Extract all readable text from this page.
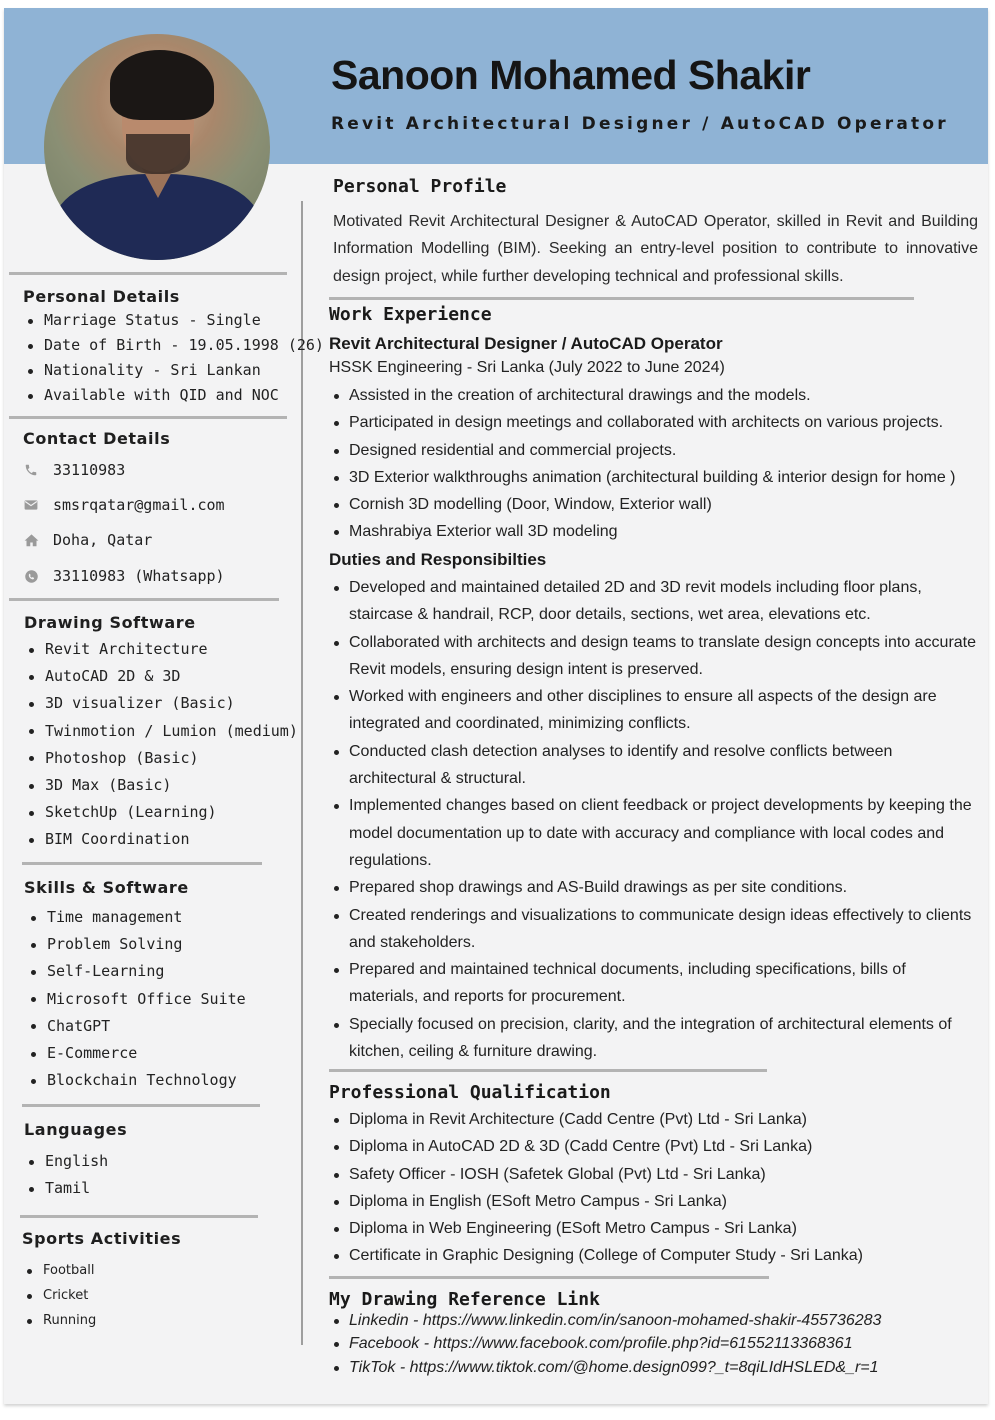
Sanoon Mohamed Shakir
Revit Architectural Designer / AutoCAD Operator
Personal Details
Marriage Status - Single
Date of Birth - 19.05.1998 (26)
Nationality - Sri Lankan
Available with QID and NOC
Contact Details
33110983
smsrqatar@gmail.com
Doha, Qatar
33110983 (Whatsapp)
Drawing Software
Revit Architecture
AutoCAD 2D & 3D
3D visualizer (Basic)
Twinmotion / Lumion (medium)
Photoshop (Basic)
3D Max (Basic)
SketchUp (Learning)
BIM Coordination
Skills & Software
Time management
Problem Solving
Self-Learning
Microsoft Office Suite
ChatGPT
E-Commerce
Blockchain Technology
Languages
English
Tamil
Sports Activities
Football
Cricket
Running
Personal Profile
Motivated Revit Architectural Designer & AutoCAD Operator, skilled in Revit and Building Information Modelling (BIM). Seeking an entry-level position to contribute to innovative design project, while further developing technical and professional skills.
Work Experience
Revit Architectural Designer / AutoCAD Operator
HSSK Engineering - Sri Lanka (July 2022 to June 2024)
Assisted in the creation of architectural drawings and the models.
Participated in design meetings and collaborated with architects on various projects.
Designed residential and commercial projects.
3D Exterior walkthroughs animation (architectural building & interior design for home )
Cornish 3D modelling (Door, Window, Exterior wall)
Mashrabiya Exterior wall 3D modeling
Duties and Responsibilties
Developed and maintained detailed 2D and 3D revit models including floor plans, staircase & handrail, RCP, door details, sections, wet area, elevations etc.
Collaborated with architects and design teams to translate design concepts into accurate Revit models, ensuring design intent is preserved.
Worked with engineers and other disciplines to ensure all aspects of the design are integrated and coordinated, minimizing conflicts.
Conducted clash detection analyses to identify and resolve conflicts between architectural & structural.
Implemented changes based on client feedback or project developments by keeping the model documentation up to date with accuracy and compliance with local codes and regulations.
Prepared shop drawings and AS-Build drawings as per site conditions.
Created renderings and visualizations to communicate design ideas effectively to clients and stakeholders.
Prepared and maintained technical documents, including specifications, bills of materials, and reports for procurement.
Specially focused on precision, clarity, and the integration of architectural elements of kitchen, ceiling & furniture drawing.
Professional Qualification
Diploma in Revit Architecture (Cadd Centre (Pvt) Ltd - Sri Lanka)
Diploma in AutoCAD 2D & 3D (Cadd Centre (Pvt) Ltd - Sri Lanka)
Safety Officer - IOSH (Safetek Global (Pvt) Ltd - Sri Lanka)
Diploma in English (ESoft Metro Campus - Sri Lanka)
Diploma in Web Engineering (ESoft Metro Campus - Sri Lanka)
Certificate in Graphic Designing (College of Computer Study - Sri Lanka)
My Drawing Reference Link
Linkedin - https://www.linkedin.com/in/sanoon-mohamed-shakir-455736283
Facebook - https://www.facebook.com/profile.php?id=61552113368361
TikTok - https://www.tiktok.com/@home.design099?_t=8qiLIdHSLED&_r=1
